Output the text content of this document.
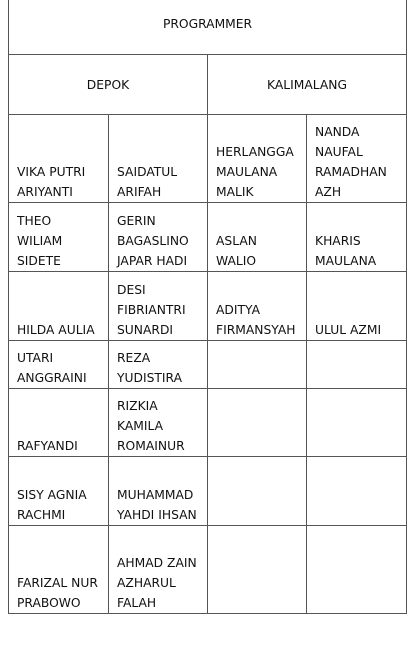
PROGRAMMER			
DEPOK		KALIMALANG	

VIKA PUTRI ARIYANTI	SAIDATUL ARIFAH	HERLANGGA MAULANA MALIK	NANDA NAUFAL RAMADHAN AZH

THEO WILIAM SIDETE	GERIN BAGASLINO JAPAR HADI	ASLAN WALIO	KHARIS MAULANA

HILDA AULIA	DESI FIBRIANTRI SUNARDI	ADITYA FIRMANSYAH	ULUL AZMI

UTARI ANGGRAINI	REZA YUDISTIRA		

RAFYANDI	RIZKIA KAMILA ROMAINUR		

SISY AGNIA RACHMI	MUHAMMAD YAHDI IHSAN		

FARIZAL NUR PRABOWO	AHMAD ZAIN AZHARUL FALAH		
